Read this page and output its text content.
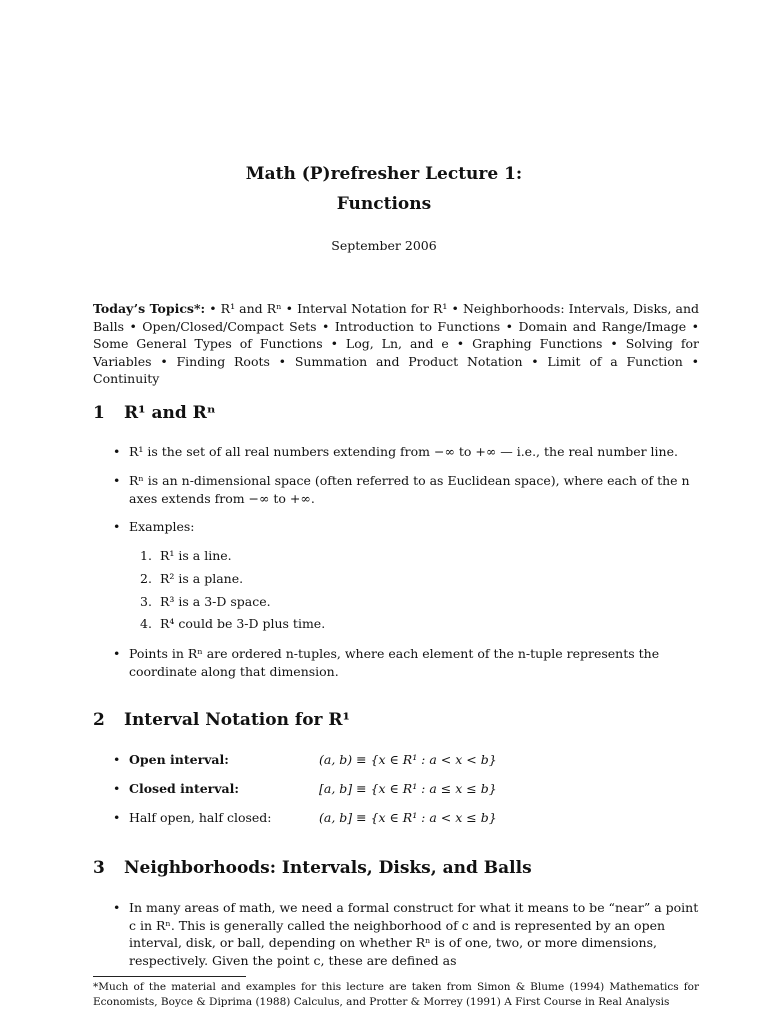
Math (P)refresher Lecture 1:
Functions
September 2006
Today’s Topics*: • R¹ and Rⁿ • Interval Notation for R¹ • Neighborhoods: Intervals, Disks, and Balls • Open/Closed/Compact Sets • Introduction to Functions • Domain and Range/Image • Some General Types of Functions • Log, Ln, and e • Graphing Functions • Solving for Variables • Finding Roots • Summation and Product Notation • Limit of a Function • Continuity
1 R¹ and Rⁿ
• R¹ is the set of all real numbers extending from −∞ to +∞ — i.e., the real number line.
• Rⁿ is an n-dimensional space (often referred to as Euclidean space), where each of the n axes extends from −∞ to +∞.
• Examples:
1. R¹ is a line.
2. R² is a plane.
3. R³ is a 3-D space.
4. R⁴ could be 3-D plus time.
• Points in Rⁿ are ordered n-tuples, where each element of the n-tuple represents the coordinate along that dimension.
2 Interval Notation for R¹
• Open interval:	(a, b) ≡ {x ∈ R¹ : a < x < b}
• Closed interval:	[a, b] ≡ {x ∈ R¹ : a ≤ x ≤ b}
• Half open, half closed:	(a, b] ≡ {x ∈ R¹ : a < x ≤ b}
3 Neighborhoods: Intervals, Disks, and Balls
• In many areas of math, we need a formal construct for what it means to be “near” a point c in Rⁿ. This is generally called the neighborhood of c and is represented by an open interval, disk, or ball, depending on whether Rⁿ is of one, two, or more dimensions, respectively. Given the point c, these are defined as
*Much of the material and examples for this lecture are taken from Simon & Blume (1994) Mathematics for Economists, Boyce & Diprima (1988) Calculus, and Protter & Morrey (1991) A First Course in Real Analysis
